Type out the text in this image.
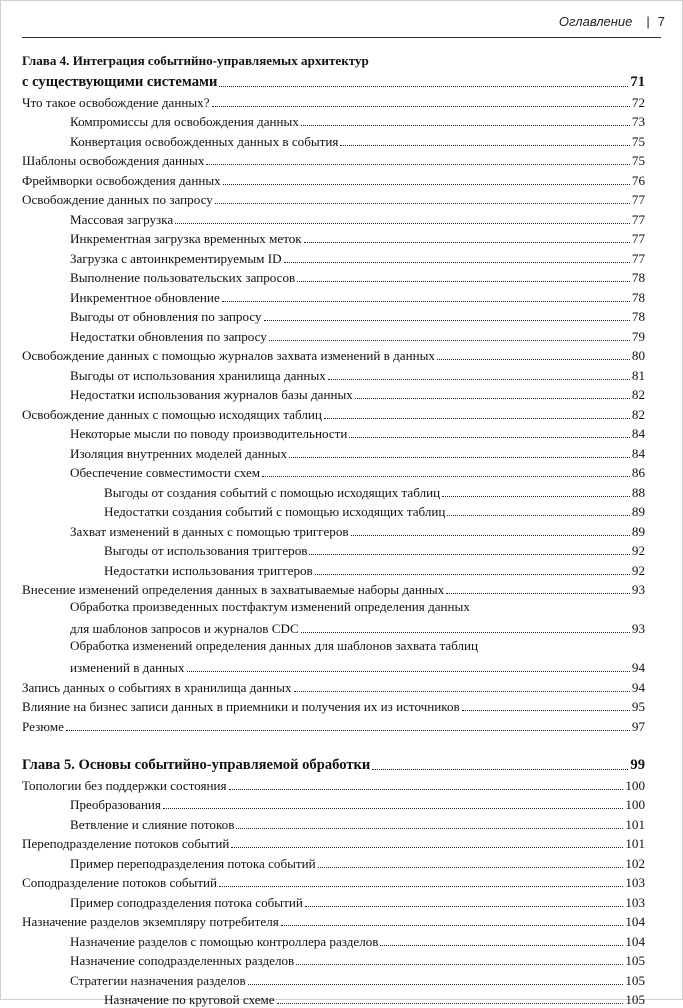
Оглавление | 7
Глава 4. Интеграция событийно-управляемых архитектур
с существующими системами	71
Что такое освобождение данных?	72
Компромиссы для освобождения данных	73
Конвертация освобожденных данных в события	75
Шаблоны освобождения данных	75
Фреймворки освобождения данных	76
Освобождение данных по запросу	77
Массовая загрузка	77
Инкрементная загрузка временных меток	77
Загрузка с автоинкрементируемым ID	77
Выполнение пользовательских запросов	78
Инкрементное обновление	78
Выгоды от обновления по запросу	78
Недостатки обновления по запросу	79
Освобождение данных с помощью журналов захвата изменений в данных	80
Выгоды от использования хранилища данных	81
Недостатки использования журналов базы данных	82
Освобождение данных с помощью исходящих таблиц	82
Некоторые мысли по поводу производительности	84
Изоляция внутренних моделей данных	84
Обеспечение совместимости схем	86
Выгоды от создания событий с помощью исходящих таблиц	88
Недостатки создания событий с помощью исходящих таблиц	89
Захват изменений в данных с помощью триггеров	89
Выгоды от использования триггеров	92
Недостатки использования триггеров	92
Внесение изменений определения данных в захватываемые наборы данных	93
Обработка произведенных постфактум изменений определения данных
для шаблонов запросов и журналов CDC	93
Обработка изменений определения данных для шаблонов захвата таблиц
изменений в данных	94
Запись данных о событиях в хранилища данных	94
Влияние на бизнес записи данных в приемники и получения их из источников	95
Резюме	97
Глава 5. Основы событийно-управляемой обработки	99
Топологии без поддержки состояния	100
Преобразования	100
Ветвление и слияние потоков	101
Переподразделение потоков событий	101
Пример переподразделения потока событий	102
Соподразделение потоков событий	103
Пример соподразделения потока событий	103
Назначение разделов экземпляру потребителя	104
Назначение разделов с помощью контроллера разделов	104
Назначение соподразделенных разделов	105
Стратегии назначения разделов	105
Назначение по круговой схеме	105
